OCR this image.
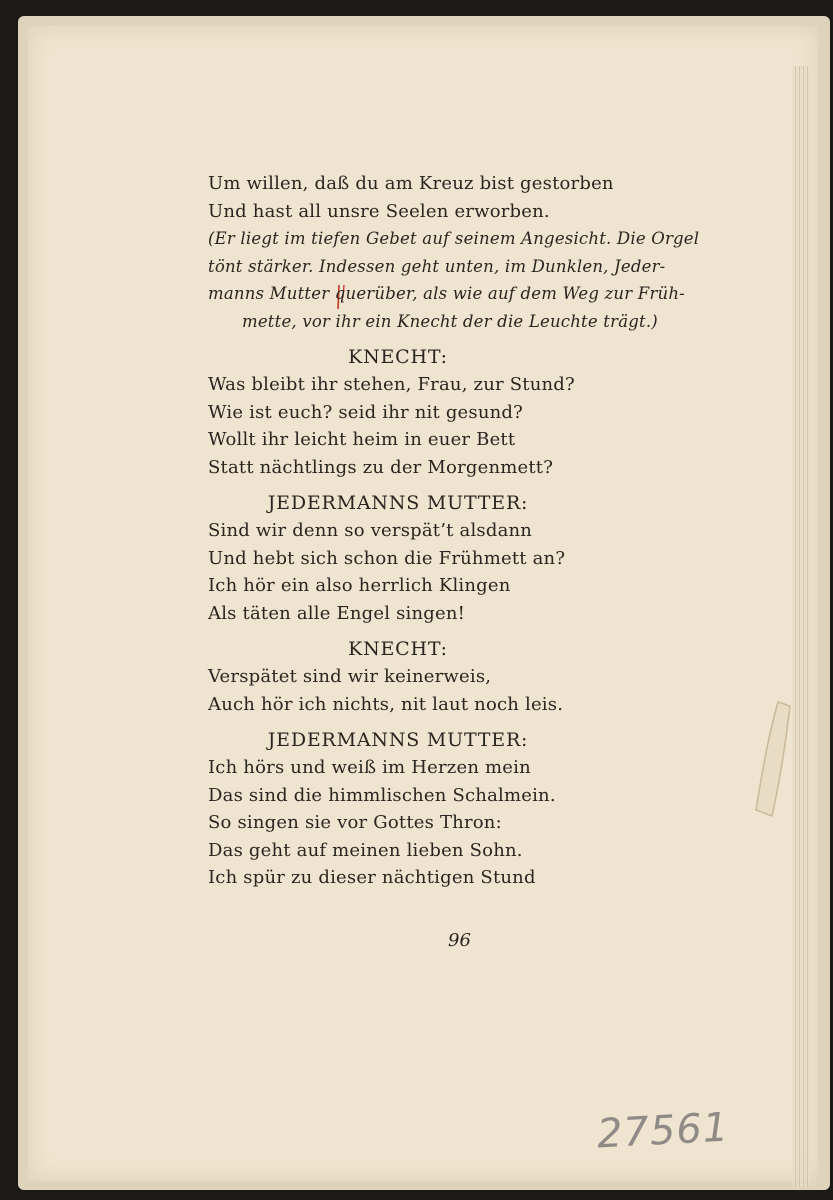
Um willen, daß du am Kreuz bist gestorben
Und hast all unsre Seelen erworben.
(Er liegt im tiefen Gebet auf seinem Angesicht. Die Orgel
tönt stärker. Indessen geht unten, im Dunklen, Jeder-
manns Mutter querüber, als wie auf dem Weg zur Früh-
mette, vor ihr ein Knecht der die Leuchte trägt.)
KNECHT:
Was bleibt ihr stehen, Frau, zur Stund?
Wie ist euch? seid ihr nit gesund?
Wollt ihr leicht heim in euer Bett
Statt nächtlings zu der Morgenmett?
JEDERMANNS MUTTER:
Sind wir denn so verspät’t alsdann
Und hebt sich schon die Frühmett an?
Ich hör ein also herrlich Klingen
Als täten alle Engel singen!
KNECHT:
Verspätet sind wir keinerweis,
Auch hör ich nichts, nit laut noch leis.
JEDERMANNS MUTTER:
Ich hörs und weiß im Herzen mein
Das sind die himmlischen Schalmein.
So singen sie vor Gottes Thron:
Das geht auf meinen lieben Sohn.
Ich spür zu dieser nächtigen Stund
96
27561
